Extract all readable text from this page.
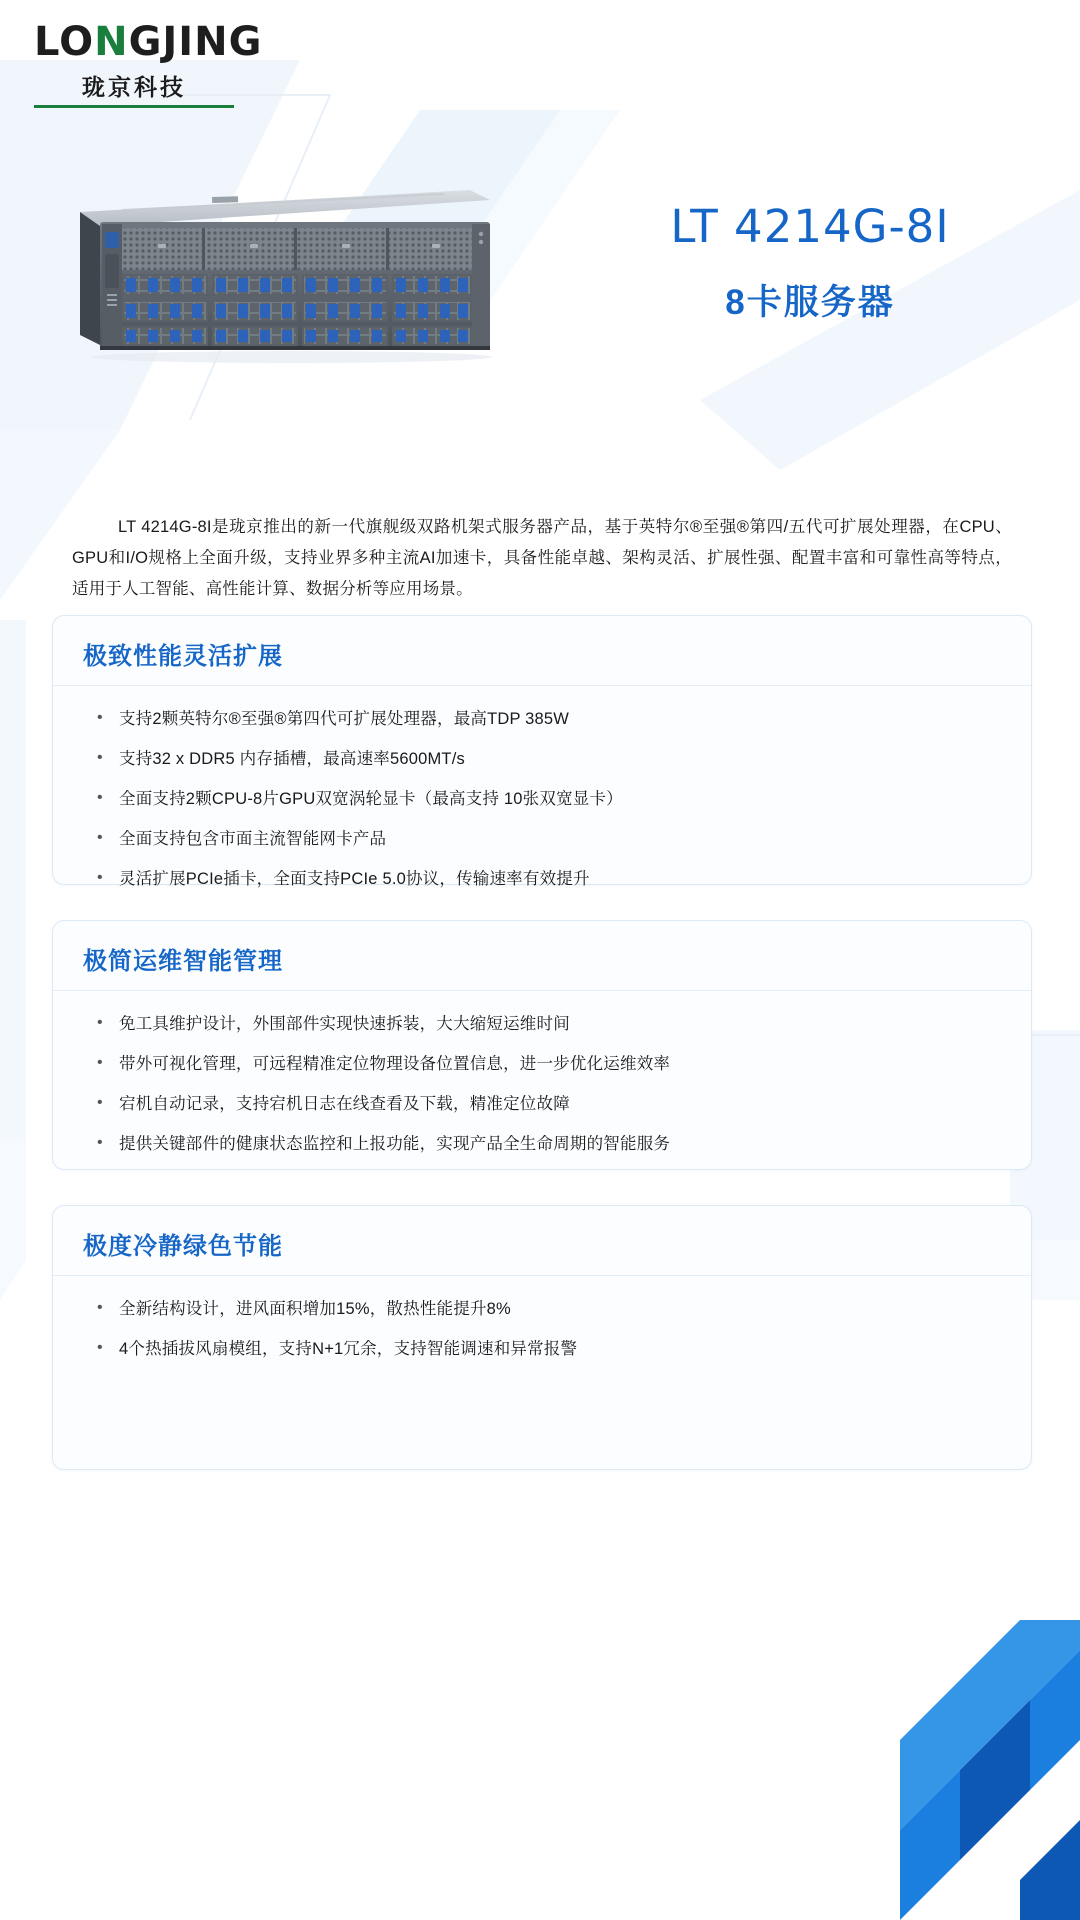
LO N GJING
珑京科技
LT 4214G-8I
8卡服务器

LT 4214G-8I是珑京推出的新一代旗舰级双路机架式服务器产品，基于英特尔®至强®第四/五代可扩展处理器，在CPU、GPU和I/O规格上全面升级，支持业界多种主流AI加速卡，具备性能卓越、架构灵活、扩展性强、配置丰富和可靠性高等特点，适用于人工智能、高性能计算、数据分析等应用场景。

极致性能灵活扩展
• 支持2颗英特尔®至强®第四代可扩展处理器，最高TDP 385W
• 支持32 x DDR5 内存插槽，最高速率5600MT/s
• 全面支持2颗CPU-8片GPU双宽涡轮显卡（最高支持 10张双宽显卡）
• 全面支持包含市面主流智能网卡产品
• 灵活扩展PCIe插卡，全面支持PCIe 5.0协议，传输速率有效提升
极简运维智能管理
• 免工具维护设计，外围部件实现快速拆装，大大缩短运维时间
• 带外可视化管理，可远程精准定位物理设备位置信息，进一步优化运维效率
• 宕机自动记录，支持宕机日志在线查看及下载，精准定位故障
• 提供关键部件的健康状态监控和上报功能，实现产品全生命周期的智能服务
极度冷静绿色节能
• 全新结构设计，进风面积增加15%，散热性能提升8%
• 4个热插拔风扇模组，支持N+1冗余，支持智能调速和异常报警
